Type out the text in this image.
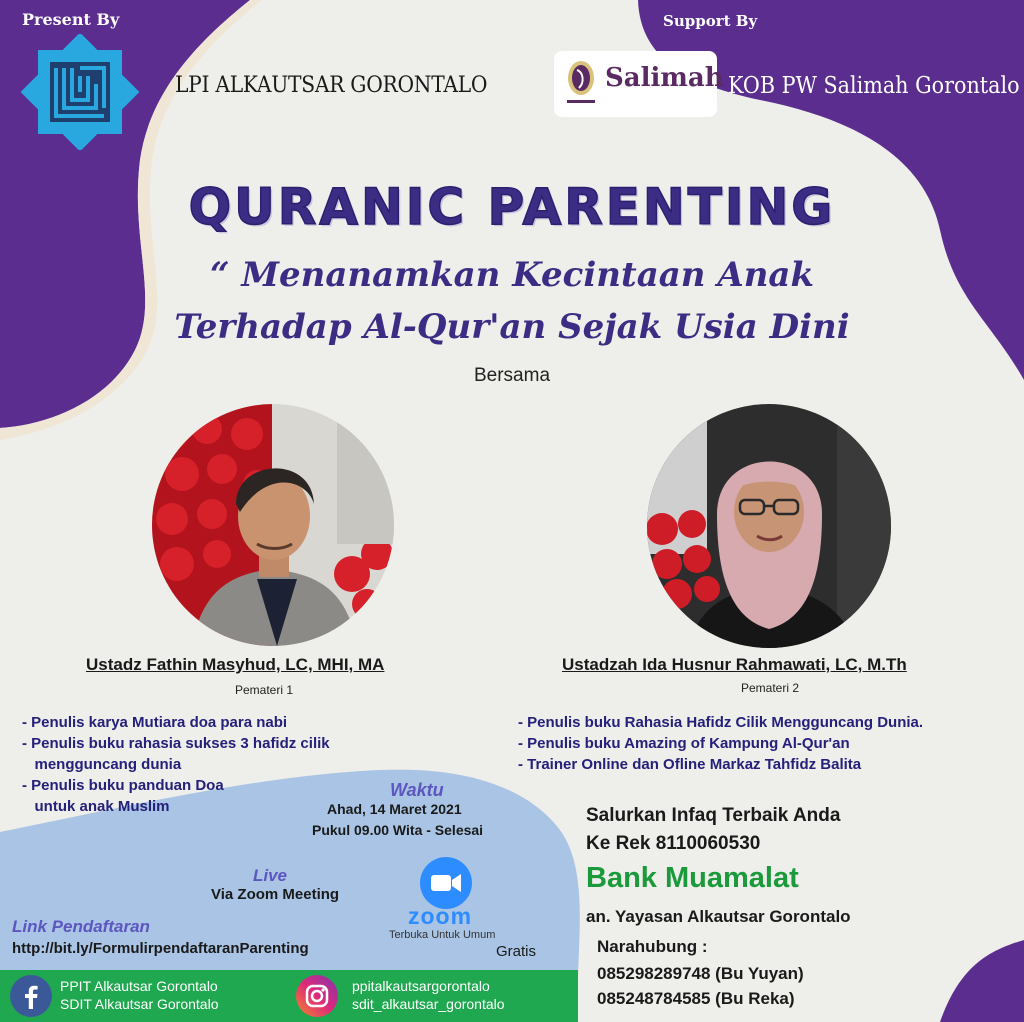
Present By
LPI ALKAUTSAR GORONTALO
Support By
Salimah KOB PW Salimah Gorontalo
QURANIC PARENTING
“ Menanamkan Kecintaan Anak
Terhadap Al-Qur'an Sejak Usia Dini
Bersama
Ustadz Fathin Masyhud, LC, MHI, MA
Pemateri 1
Ustadzah Ida Husnur Rahmawati, LC, M.Th
Pemateri 2
- Penulis karya Mutiara doa para nabi
- Penulis buku rahasia sukses 3 hafidz cilik
mengguncang dunia
- Penulis buku panduan Doa
untuk anak Muslim
- Penulis buku Rahasia Hafidz Cilik Mengguncang Dunia.
- Penulis buku Amazing of Kampung Al-Qur'an
- Trainer Online dan Ofline Markaz Tahfidz Balita
Waktu
Ahad, 14 Maret 2021
Pukul 09.00 Wita - Selesai
Live
Via Zoom Meeting
zoom
Terbuka Untuk Umum
Gratis
Link Pendaftaran
http://bit.ly/FormulirpendaftaranParenting
Salurkan Infaq Terbaik Anda
Ke Rek 8110060530
Bank Muamalat
an. Yayasan Alkautsar Gorontalo
Narahubung :
085298289748 (Bu Yuyan)
085248784585 (Bu Reka)
PPIT Alkautsar Gorontalo
SDIT Alkautsar Gorontalo
ppitalkautsargorontalo
sdit_alkautsar_gorontalo
